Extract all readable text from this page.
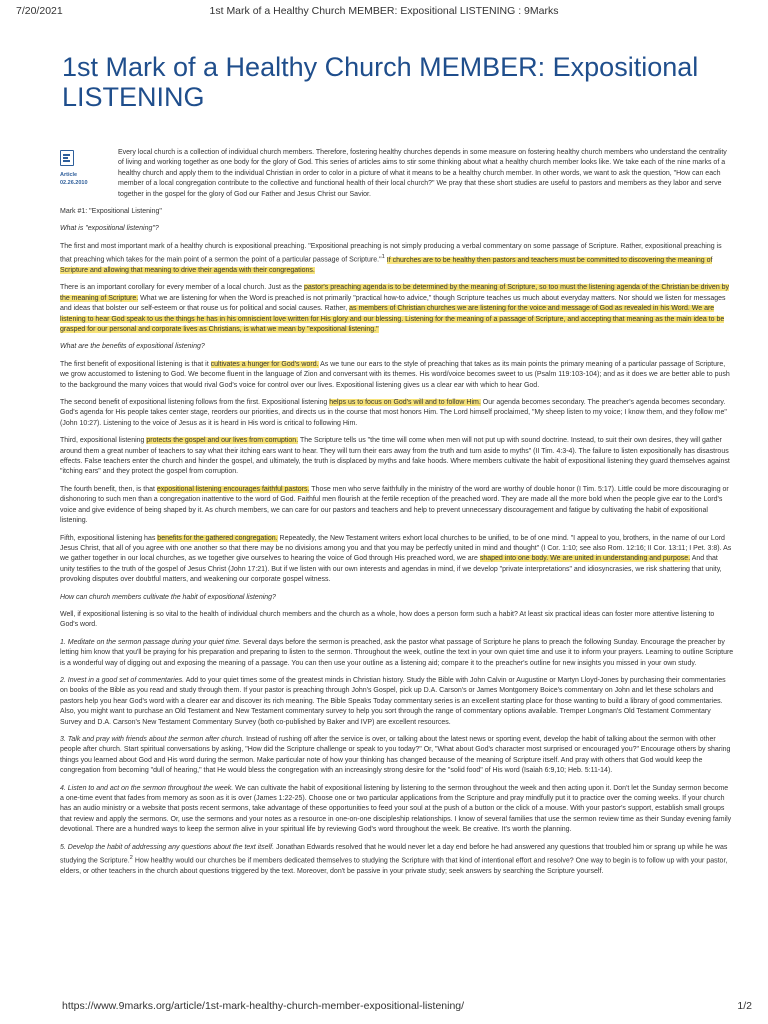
7/20/2021	1st Mark of a Healthy Church MEMBER: Expositional LISTENING : 9Marks
1st Mark of a Healthy Church MEMBER: Expositional LISTENING
Article
02.26.2010

Every local church is a collection of individual church members. Therefore, fostering healthy churches depends in some measure on fostering healthy church members who understand the centrality of living and working together as one body for the glory of God. This series of articles aims to stir some thinking about what a healthy church member looks like. We take each of the nine marks of a healthy church and apply them to the individual Christian in order to color in a picture of what it means to be a healthy church member. In other words, we want to ask the question, "How can each member of a local congregation contribute to the collective and functional health of their local church?" We pray that these short studies are useful to pastors and members as they labor and serve together in the gospel for the glory of God our Father and Jesus Christ our Savior.

Mark #1: "Expositional Listening"

What is "expositional listening"?

The first and most important mark of a healthy church is expositional preaching. "Expositional preaching is not simply producing a verbal commentary on some passage of Scripture. Rather, expositional preaching is that preaching which takes for the main point of a sermon the point of a particular passage of Scripture."$^1$ If churches are to be healthy then pastors and teachers must be committed to discovering the meaning of Scripture and allowing that meaning to drive their agenda with their congregations.

There is an important corollary for every member of a local church. Just as the pastor's preaching agenda is to be determined by the meaning of Scripture, so too must the listening agenda of the Christian be driven by the meaning of Scripture. What we are listening for when the Word is preached is not primarily "practical how-to advice," though Scripture teaches us much about everyday matters. Nor should we listen for messages and ideas that bolster our self-esteem or that rouse us for political and social causes. Rather, as members of Christian churches we are listening for the voice and message of God as revealed in his Word. We are listening to hear God speak to us the things he has in his omniscient love written for His glory and our blessing. Listening for the meaning of a passage of Scripture, and accepting that meaning as the main idea to be grasped for our personal and corporate lives as Christians, is what we mean by "expositional listening."

What are the benefits of expositional listening?

The first benefit of expositional listening is that it cultivates a hunger for God's word. As we tune our ears to the style of preaching that takes as its main points the primary meaning of a particular passage of Scripture, we grow accustomed to listening to God. We become fluent in the language of Zion and conversant with its themes. His word/voice becomes sweet to us (Psalm 119:103-104); and as it does we are better able to push to the background the many voices that would rival God's voice for control over our lives. Expositional listening gives us a clear ear with which to hear God.

The second benefit of expositional listening follows from the first. Expositional listening helps us to focus on God's will and to follow Him. Our agenda becomes secondary. The preacher's agenda becomes secondary. God's agenda for His people takes center stage, reorders our priorities, and directs us in the course that most honors Him. The Lord himself proclaimed, "My sheep listen to my voice; I know them, and they follow me" (John 10:27). Listening to the voice of Jesus as it is heard in His word is critical to following Him.

Third, expositional listening protects the gospel and our lives from corruption. The Scripture tells us "the time will come when men will not put up with sound doctrine. Instead, to suit their own desires, they will gather around them a great number of teachers to say what their itching ears want to hear. They will turn their ears away from the truth and turn aside to myths" (II Tim. 4:3-4). The failure to listen expositionally has disastrous effects. False teachers enter the church and hinder the gospel, and ultimately, the truth is displaced by myths and fake hoods. Where members cultivate the habit of expositional listening they guard themselves against "itching ears" and they protect the gospel from corruption.

The fourth benefit, then, is that expositional listening encourages faithful pastors. Those men who serve faithfully in the ministry of the word are worthy of double honor (I Tim. 5:17). Little could be more discouraging or dishonoring to such men than a congregation inattentive to the word of God. Faithful men flourish at the fertile reception of the preached word. They are made all the more bold when the people give ear to the Lord's voice and give evidence of being shaped by it. As church members, we can care for our pastors and teachers and help to prevent unnecessary discouragement and fatigue by cultivating the habit of expositional listening.

Fifth, expositional listening has benefits for the gathered congregation. Repeatedly, the New Testament writers exhort local churches to be unified, to be of one mind. "I appeal to you, brothers, in the name of our Lord Jesus Christ, that all of you agree with one another so that there may be no divisions among you and that you may be perfectly united in mind and thought" (I Cor. 1:10; see also Rom. 12:16; II Cor. 13:11; I Pet. 3:8). As we gather together in our local churches, as we together give ourselves to hearing the voice of God through His preached word, we are shaped into one body. We are united in understanding and purpose. And that unity testifies to the truth of the gospel of Jesus Christ (John 17:21). But if we listen with our own interests and agendas in mind, if we develop "private interpretations" and idiosyncrasies, we risk shattering that unity, provoking disputes over doubtful matters, and weakening our corporate gospel witness.

How can church members cultivate the habit of expositional listening?

Well, if expositional listening is so vital to the health of individual church members and the church as a whole, how does a person form such a habit? At least six practical ideas can foster more attentive listening to God's word.

1. Meditate on the sermon passage during your quiet time. Several days before the sermon is preached, ask the pastor what passage of Scripture he plans to preach the following Sunday. Encourage the preacher by letting him know that you'll be praying for his preparation and preparing to listen to the sermon. Throughout the week, outline the text in your own quiet time and use it to inform your prayers. Learning to outline Scripture is a wonderful way of digging out and exposing the meaning of a passage. You can then use your outline as a listening aid; compare it to the preacher's outline for new insights you missed in your own study.

2. Invest in a good set of commentaries. Add to your quiet times some of the greatest minds in Christian history. Study the Bible with John Calvin or Augustine or Martyn Lloyd-Jones by purchasing their commentaries on books of the Bible as you read and study through them. If your pastor is preaching through John's Gospel, pick up D.A. Carson's or James Montgomery Boice's commentary on John and let these scholars and pastors help you hear God's word with a clearer ear and discover its rich meaning. The Bible Speaks Today commentary series is an excellent starting place for those wanting to build a library of good commentaries. Also, you might want to purchase an Old Testament and New Testament commentary survey to help you sort through the range of commentary options available. Tremper Longman's Old Testament Commentary Survey and D.A. Carson's New Testament Commentary Survey (both co-published by Baker and IVP) are excellent resources.

3. Talk and pray with friends about the sermon after church. Instead of rushing off after the service is over, or talking about the latest news or sporting event, develop the habit of talking about the sermon with other people after church. Start spiritual conversations by asking, "How did the Scripture challenge or speak to you today?" Or, "What about God's character most surprised or encouraged you?" Encourage others by sharing things you learned about God and His word during the sermon. Make particular note of how your thinking has changed because of the meaning of Scripture itself. And pray with others that God would keep the congregation from becoming "dull of hearing," that He would bless the congregation with an increasingly strong desire for the "solid food" of His word (Isaiah 6:9,10; Heb. 5:11-14).

4. Listen to and act on the sermon throughout the week. We can cultivate the habit of expositional listening by listening to the sermon throughout the week and then acting upon it. Don't let the Sunday sermon become a one-time event that fades from memory as soon as it is over (James 1:22-25). Choose one or two particular applications from the Scripture and pray mindfully put it to practice over the coming weeks. If your church has an audio ministry or a website that posts recent sermons, take advantage of these opportunities to feed your soul at the push of a button or the click of a mouse. With your pastor's support, establish small groups that review and apply the sermons. Or, use the sermons and your notes as a resource in one-on-one discipleship relationships. I know of several families that use the sermon review time as their Sunday evening family devotional. There are a hundred ways to keep the sermon alive in your spiritual life by reviewing God's word throughout the week. Be creative. It's worth the planning.

5. Develop the habit of addressing any questions about the text itself. Jonathan Edwards resolved that he would never let a day end before he had answered any questions that troubled him or sprang up while he was studying the Scripture.$^2$ How healthy would our churches be if members dedicated themselves to studying the Scripture with that kind of intentional effort and resolve? One way to begin is to follow up with your pastor, elders, or other teachers in the church about questions triggered by the text. Moreover, don't be passive in your private study; seek answers by searching the Scripture yourself.

https://www.9marks.org/article/1st-mark-healthy-church-member-expositional-listening/	1/2
